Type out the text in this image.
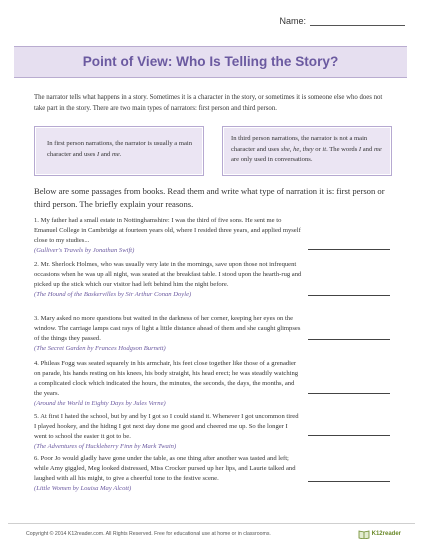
Name:
Point of View: Who Is Telling the Story?
The narrator tells what happens in a story. Sometimes it is a character in the story, or sometimes it is someone else who does not take part in the story. There are two main types of narrators: first person and third person.

In first person narrations, the narrator is usually a main character and uses I and me.

In third person narrations, the narrator is not a main character and uses she, he, they or it. The words I and me are only used in conversations.

Below are some passages from books. Read them and write what type of narration it is: first person or third person. The briefly explain your reasons.
1. My father had a small estate in Nottinghamshire: I was the third of five sons. He sent me to Emanuel College in Cambridge at fourteen years old, where I resided three years, and applied myself close to my studies...
(Gulliver's Travels by Jonathan Swift)
2. Mr. Sherlock Holmes, who was usually very late in the mornings, save upon those not infrequent occasions when he was up all night, was seated at the breakfast table. I stood upon the hearth-rug and picked up the stick which our visitor had left behind him the night before.
(The Hound of the Baskervilles by Sir Arthur Conan Doyle)
3. Mary asked no more questions but waited in the darkness of her corner, keeping her eyes on the window. The carriage lamps cast rays of light a little distance ahead of them and she caught glimpses of the things they passed.
(The Secret Garden by Frances Hodgson Burnett)
4. Phileas Fogg was seated squarely in his armchair, his feet close together like those of a grenadier on parade, his hands resting on his knees, his body straight, his head erect; he was steadily watching a complicated clock which indicated the hours, the minutes, the seconds, the days, the months, and the years.
(Around the World in Eighty Days by Jules Verne)
5. At first I hated the school, but by and by I got so I could stand it. Whenever I got uncommon tired I played hookey, and the hiding I got next day done me good and cheered me up. So the longer I went to school the easier it got to be.
(The Adventures of Huckleberry Finn by Mark Twain)
6. Poor Jo would gladly have gone under the table, as one thing after another was tasted and left; while Amy giggled, Meg looked distressed, Miss Crocker pursed up her lips, and Laurie talked and laughed with all his might, to give a cheerful tone to the festive scene.
(Little Women by Louisa May Alcott)
Copyright © 2014 K12reader.com. All Rights Reserved. Free for educational use at home or in classrooms.	K12reader
